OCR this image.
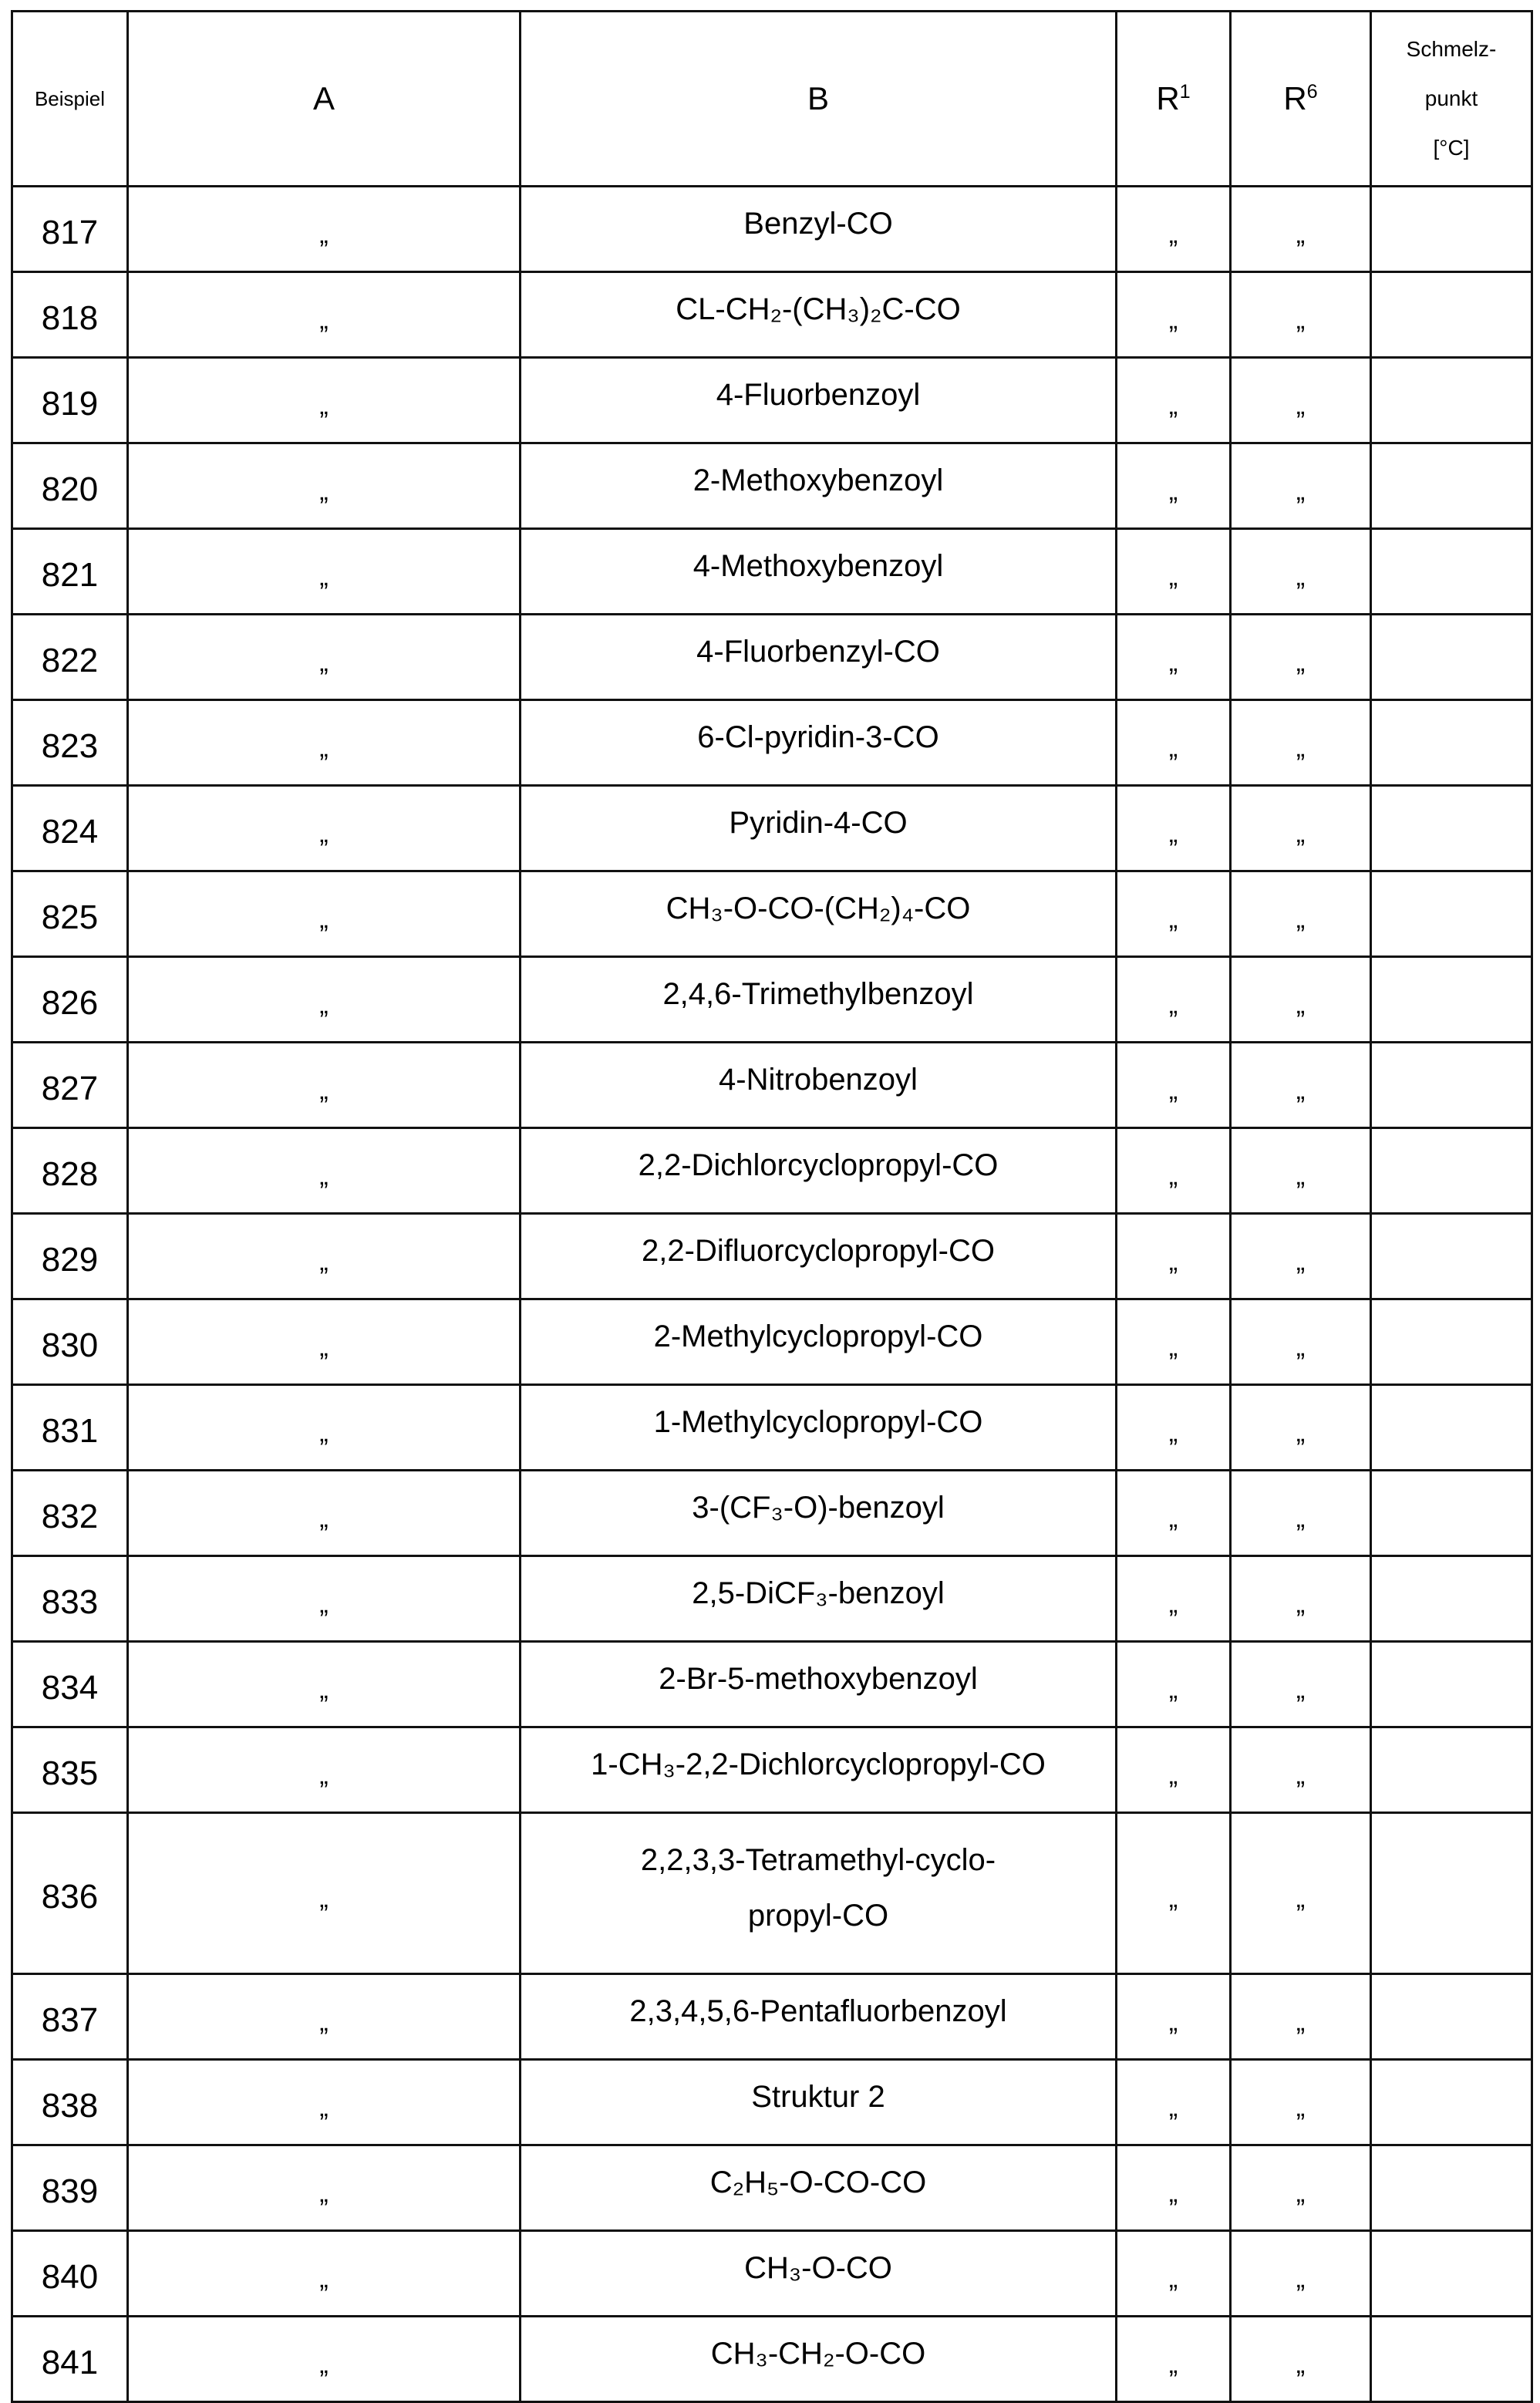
Beispiel	A	B	R1	R6	Schmelz-
punkt
[°C]
817	„	Benzyl-CO	„	„	
818	„	CL-CH₂-(CH₃)₂C-CO	„	„	
819	„	4-Fluorbenzoyl	„	„	
820	„	2-Methoxybenzoyl	„	„	
821	„	4-Methoxybenzoyl	„	„	
822	„	4-Fluorbenzyl-CO	„	„	
823	„	6-Cl-pyridin-3-CO	„	„	
824	„	Pyridin-4-CO	„	„	
825	„	CH₃-O-CO-(CH₂)₄-CO	„	„	
826	„	2,4,6-Trimethylbenzoyl	„	„	
827	„	4-Nitrobenzoyl	„	„	
828	„	2,2-Dichlorcyclopropyl-CO	„	„	
829	„	2,2-Difluorcyclopropyl-CO	„	„	
830	„	2-Methylcyclopropyl-CO	„	„	
831	„	1-Methylcyclopropyl-CO	„	„	
832	„	3-(CF₃-O)-benzoyl	„	„	
833	„	2,5-DiCF₃-benzoyl	„	„	
834	„	2-Br-5-methoxybenzoyl	„	„	
835	„	1-CH₃-2,2-Dichlorcyclopropyl-CO	„	„	
836	„	2,2,3,3-Tetramethyl-cyclo-
propyl-CO	„	„	
837	„	2,3,4,5,6-Pentafluorbenzoyl	„	„	
838	„	Struktur 2	„	„	
839	„	C₂H₅-O-CO-CO	„	„	
840	„	CH₃-O-CO	„	„	
841	„	CH₃-CH₂-O-CO	„	„	
